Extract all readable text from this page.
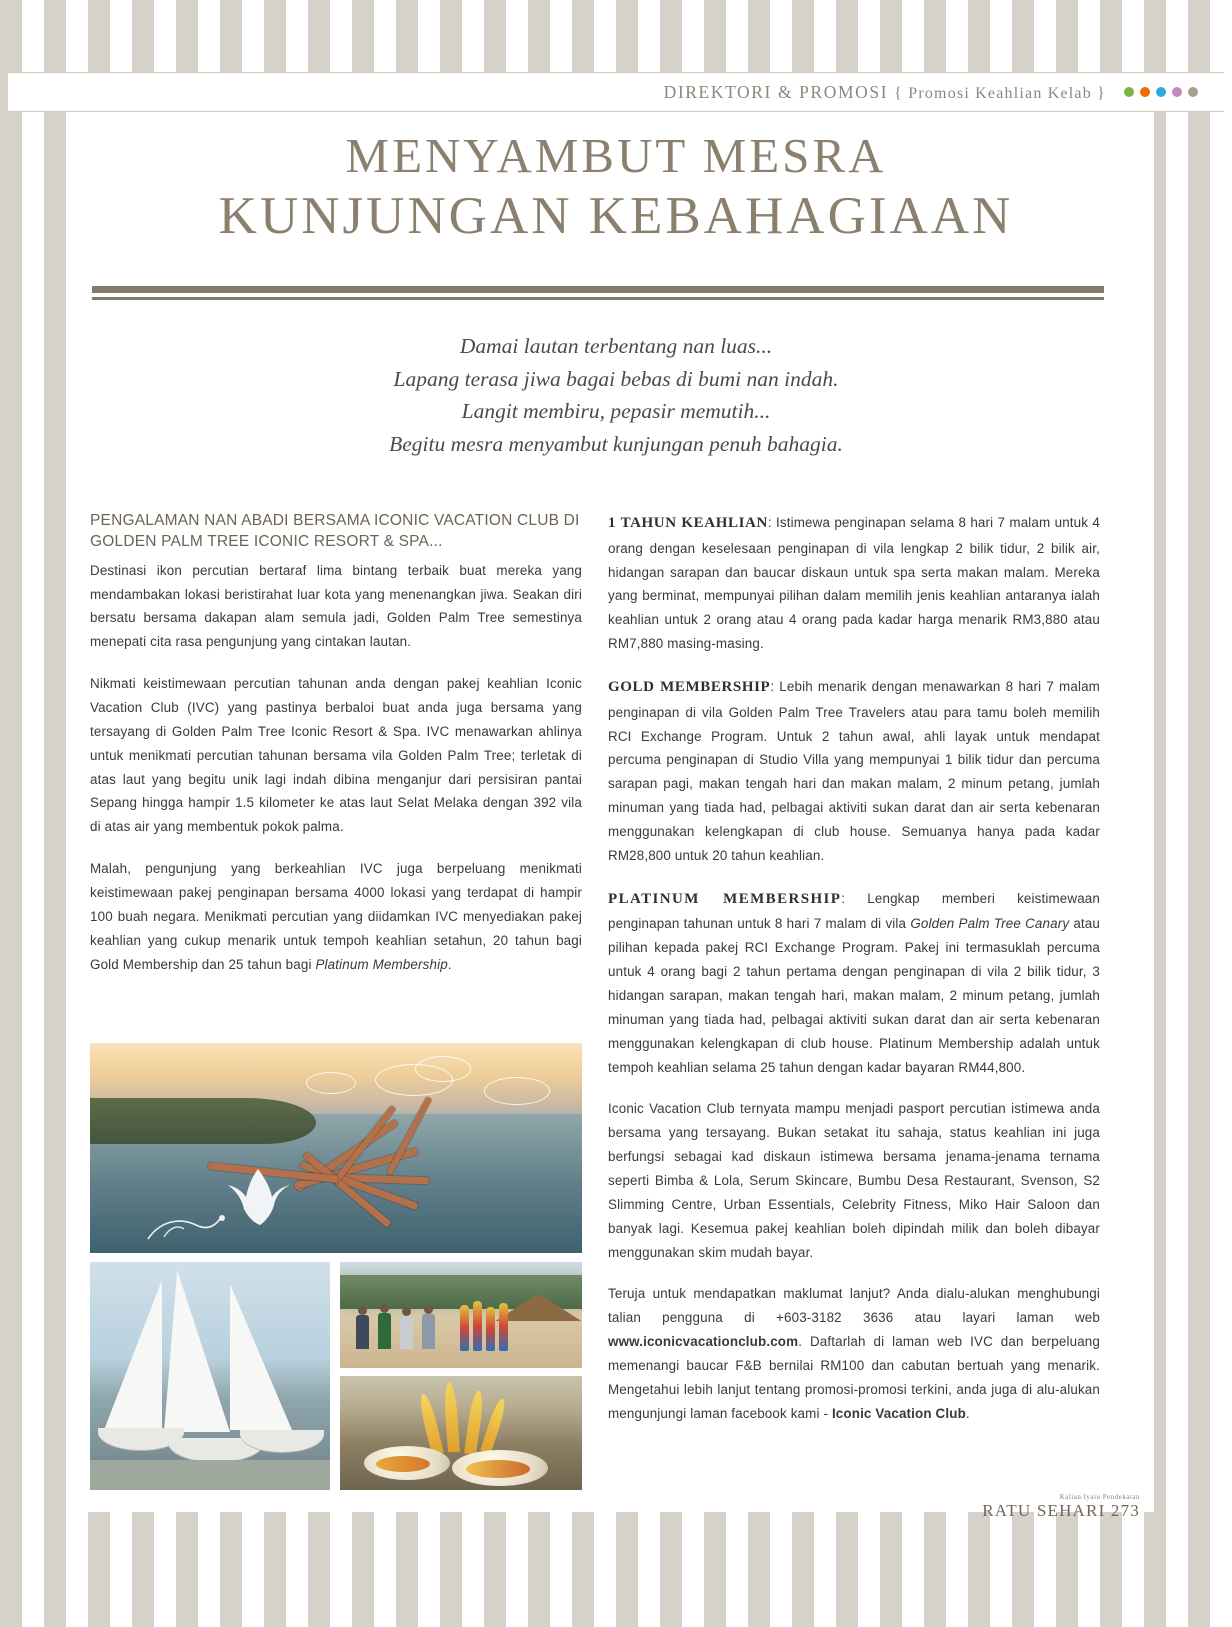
DIREKTORI & PROMOSI { Promosi Keahlian Kelab }
MENYAMBUT MESRA
KUNJUNGAN KEBAHAGIAAN
Damai lautan terbentang nan luas...
Lapang terasa jiwa bagai bebas di bumi nan indah.
Langit membiru, pepasir memutih...
Begitu mesra menyambut kunjungan penuh bahagia.
PENGALAMAN NAN ABADI BERSAMA ICONIC VACATION CLUB DI GOLDEN PALM TREE ICONIC RESORT & SPA...

Destinasi ikon percutian bertaraf lima bintang terbaik buat mereka yang mendambakan lokasi beristirahat luar kota yang menenangkan jiwa. Seakan diri bersatu bersama dakapan alam semula jadi, Golden Palm Tree semestinya menepati cita rasa pengunjung yang cintakan lautan.

Nikmati keistimewaan percutian tahunan anda dengan pakej keahlian Iconic Vacation Club (IVC) yang pastinya berbaloi buat anda juga bersama yang tersayang di Golden Palm Tree Iconic Resort & Spa. IVC menawarkan ahlinya untuk menikmati percutian tahunan bersama vila Golden Palm Tree; terletak di atas laut yang begitu unik lagi indah dibina menganjur dari persisiran pantai Sepang hingga hampir 1.5 kilometer ke atas laut Selat Melaka dengan 392 vila di atas air yang membentuk pokok palma.

Malah, pengunjung yang berkeahlian IVC juga berpeluang menikmati keistimewaan pakej penginapan bersama 4000 lokasi yang terdapat di hampir 100 buah negara. Menikmati percutian yang diidamkan IVC menyediakan pakej keahlian yang cukup menarik untuk tempoh keahlian setahun, 20 tahun bagi Gold Membership dan 25 tahun bagi Platinum Membership.

1 TAHUN KEAHLIAN: Istimewa penginapan selama 8 hari 7 malam untuk 4 orang dengan keselesaan penginapan di vila lengkap 2 bilik tidur, 2 bilik air, hidangan sarapan dan baucar diskaun untuk spa serta makan malam. Mereka yang berminat, mempunyai pilihan dalam memilih jenis keahlian antaranya ialah keahlian untuk 2 orang atau 4 orang pada kadar harga menarik RM3,880 atau RM7,880 masing-masing.

GOLD MEMBERSHIP: Lebih menarik dengan menawarkan 8 hari 7 malam penginapan di vila Golden Palm Tree Travelers atau para tamu boleh memilih RCI Exchange Program. Untuk 2 tahun awal, ahli layak untuk mendapat percuma penginapan di Studio Villa yang mempunyai 1 bilik tidur dan percuma sarapan pagi, makan tengah hari dan makan malam, 2 minum petang, jumlah minuman yang tiada had, pelbagai aktiviti sukan darat dan air serta kebenaran menggunakan kelengkapan di club house. Semuanya hanya pada kadar RM28,800 untuk 20 tahun keahlian.

PLATINUM MEMBERSHIP: Lengkap memberi keistimewaan penginapan tahunan untuk 8 hari 7 malam di vila Golden Palm Tree Canary atau pilihan kepada pakej RCI Exchange Program. Pakej ini termasuklah percuma untuk 4 orang bagi 2 tahun pertama dengan penginapan di vila 2 bilik tidur, 3 hidangan sarapan, makan tengah hari, makan malam, 2 minum petang, jumlah minuman yang tiada had, pelbagai aktiviti sukan darat dan air serta kebenaran menggunakan kelengkapan di club house. Platinum Membership adalah untuk tempoh keahlian selama 25 tahun dengan kadar bayaran RM44,800.

Iconic Vacation Club ternyata mampu menjadi pasport percutian istimewa anda bersama yang tersayang. Bukan setakat itu sahaja, status keahlian ini juga berfungsi sebagai kad diskaun istimewa bersama jenama-jenama ternama seperti Bimba & Lola, Serum Skincare, Bumbu Desa Restaurant, Svenson, S2 Slimming Centre, Urban Essentials, Celebrity Fitness, Miko Hair Saloon dan banyak lagi. Kesemua pakej keahlian boleh dipindah milik dan boleh dibayar menggunakan skim mudah bayar.

Teruja untuk mendapatkan maklumat lanjut? Anda dialu-alukan menghubungi talian pengguna di +603-3182 3636 atau layari laman web www.iconicvacationclub.com. Daftarlah di laman web IVC dan berpeluang memenangi baucar F&B bernilai RM100 dan cabutan bertuah yang menarik. Mengetahui lebih lanjut tentang promosi-promosi terkini, anda juga di alu-alukan mengunjungi laman facebook kami - Iconic Vacation Club.

Kalian Iyaiu Pendekatan
RATU SEHARI 273
